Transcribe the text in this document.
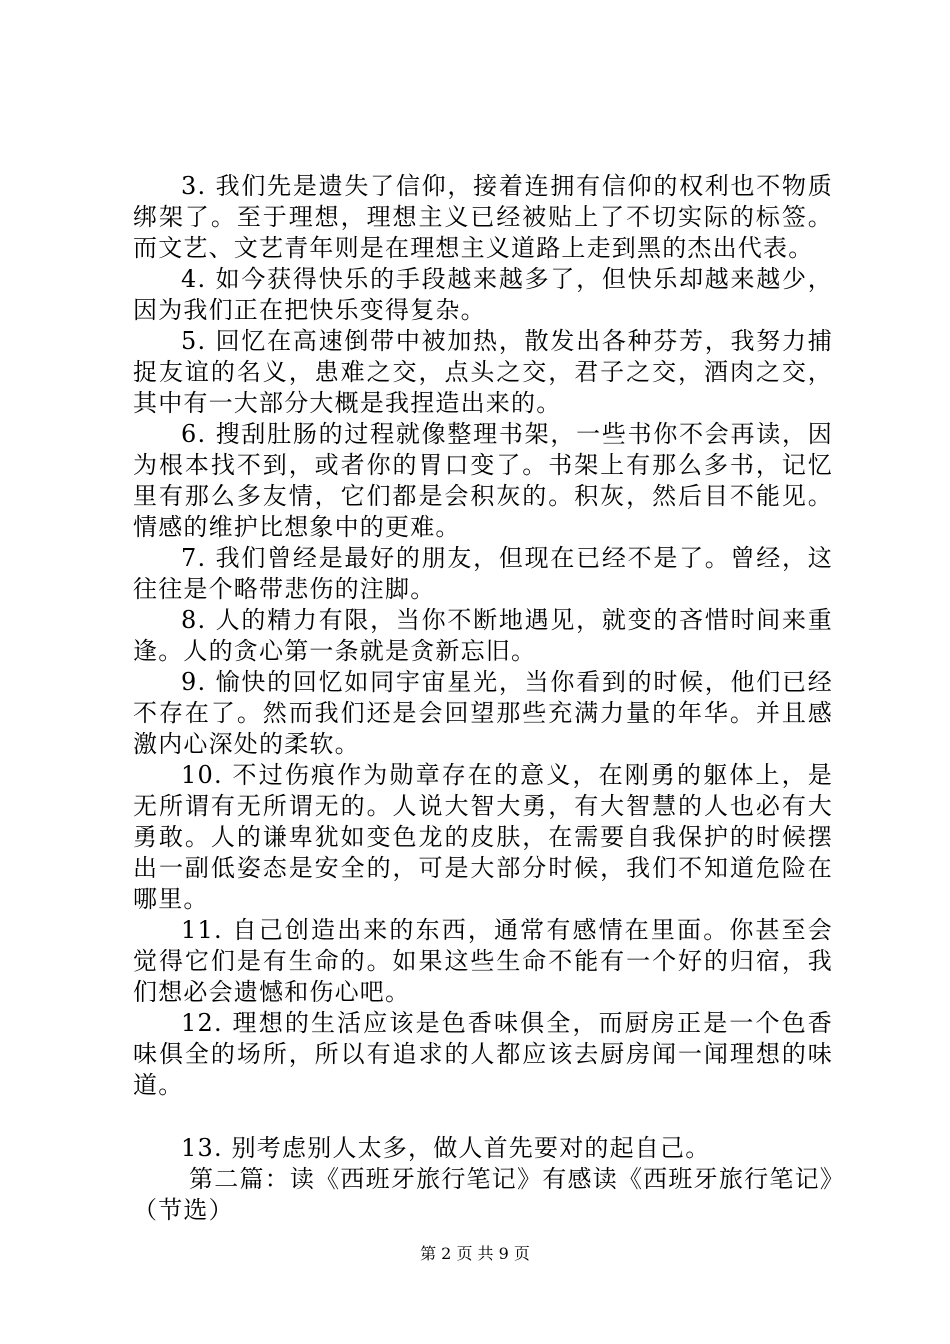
3. 我们先是遗失了信仰，接着连拥有信仰的权利也不物质绑架了。至于理想，理想主义已经被贴上了不切实际的标签。而文艺、文艺青年则是在理想主义道路上走到黑的杰出代表。

4. 如今获得快乐的手段越来越多了，但快乐却越来越少，因为我们正在把快乐变得复杂。

5. 回忆在高速倒带中被加热，散发出各种芬芳，我努力捕捉友谊的名义，患难之交，点头之交，君子之交，酒肉之交，其中有一大部分大概是我捏造出来的。

6. 搜刮肚肠的过程就像整理书架，一些书你不会再读，因为根本找不到，或者你的胃口变了。书架上有那么多书，记忆里有那么多友情，它们都是会积灰的。积灰，然后目不能见。情感的维护比想象中的更难。

7. 我们曾经是最好的朋友，但现在已经不是了。曾经，这往往是个略带悲伤的注脚。

8. 人的精力有限，当你不断地遇见，就变的吝惜时间来重逢。人的贪心第一条就是贪新忘旧。

9. 愉快的回忆如同宇宙星光，当你看到的时候，他们已经不存在了。然而我们还是会回望那些充满力量的年华。并且感激内心深处的柔软。

10. 不过伤痕作为勋章存在的意义，在刚勇的躯体上，是无所谓有无所谓无的。人说大智大勇，有大智慧的人也必有大勇敢。人的谦卑犹如变色龙的皮肤，在需要自我保护的时候摆出一副低姿态是安全的，可是大部分时候，我们不知道危险在哪里。

11. 自己创造出来的东西，通常有感情在里面。你甚至会觉得它们是有生命的。如果这些生命不能有一个好的归宿，我们想必会遗憾和伤心吧。

12. 理想的生活应该是色香味俱全，而厨房正是一个色香味俱全的场所，所以有追求的人都应该去厨房闻一闻理想的味道。

13. 别考虑别人太多，做人首先要对的起自己。

第二篇：读《西班牙旅行笔记》有感读《西班牙旅行笔记》（节选）

第 2 页 共 9 页
